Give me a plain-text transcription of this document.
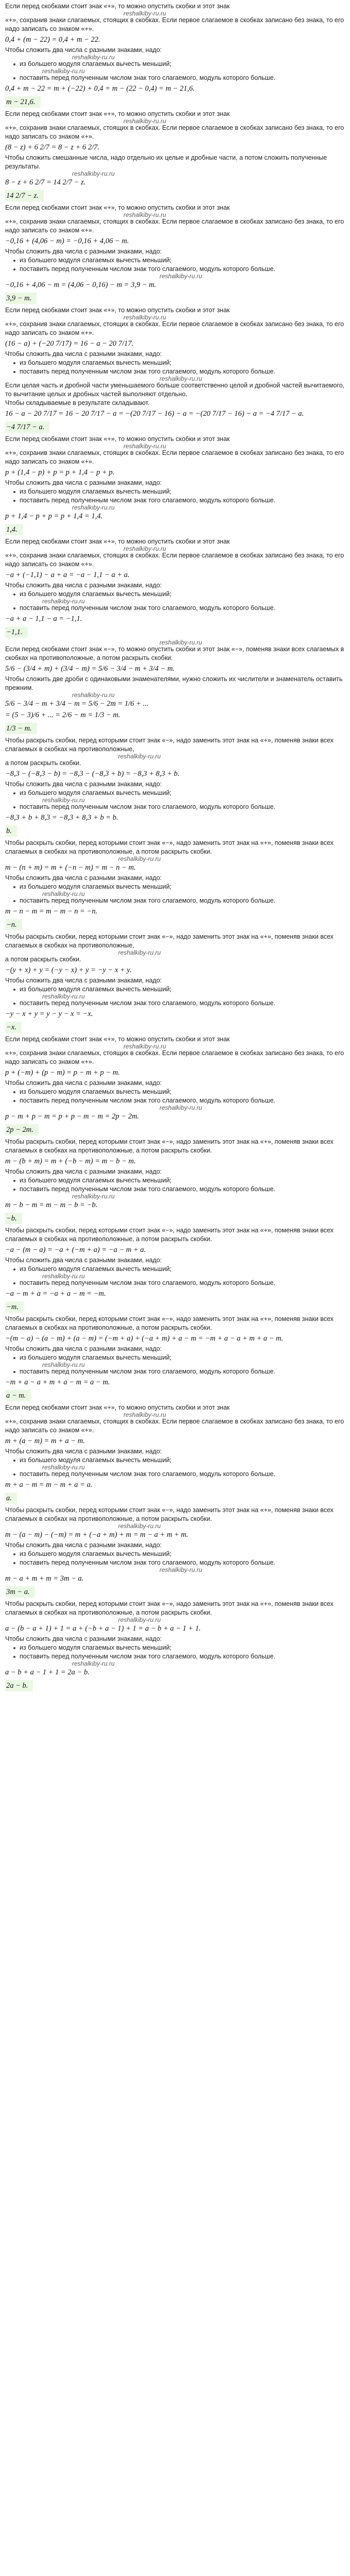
Если перед скобками стоит знак «+», то можно опустить скобки и этот знак

reshalkiby-ru.ru

«+», сохранив знаки слагаемых, стоящих в скобках. Если первое слагаемое в скобках записано без знака, то его надо записать со знаком «+».

0,4 + (m − 22) = 0,4 + m − 22.

Чтобы сложить два числа с разными знаками, надо:

reshalkiby-ru.ru
из большего модуля слагаемых вычесть меньший;
reshalkiby-ru.ru
поставить перед полученным числом знак того слагаемого, модуль которого больше.
0,4 + m − 22 = m + (−22) + 0,4 = m − (22 − 0,4) = m − 21,6.
m − 21,6.

Если перед скобками стоит знак «+», то можно опустить скобки и этот знак

reshalkiby-ru.ru

«+», сохранив знаки слагаемых, стоящих в скобках. Если первое слагаемое в скобках записано без знака, то его надо записать со знаком «+».

(8 − z) + 6 2/7 = 8 − z + 6 2/7.

Чтобы сложить смешанные числа, надо отдельно их целые и дробные части, а потом сложить полученные результаты.

reshalkiby-ru.ru
8 − z + 6 2/7 = 14 2/7 − z.
14 2/7 − z.

Если перед скобками стоит знак «+», то можно опустить скобки и этот знак

reshalkiby-ru.ru

«+», сохранив знаки слагаемых, стоящих в скобках. Если первое слагаемое в скобках записано без знака, то его надо записать со знаком «+».

−0,16 + (4,06 − m) = −0,16 + 4,06 − m.

Чтобы сложить два числа с разными знаками, надо:

из большего модуля слагаемых вычесть меньший;
поставить перед полученным числом знак того слагаемого, модуль которого больше.
reshalkiby-ru.ru
−0,16 + 4,06 − m = (4,06 − 0,16) − m = 3,9 − m.
3,9 − m.

Если перед скобками стоит знак «+», то можно опустить скобки и этот знак

reshalkiby-ru.ru

«+», сохранив знаки слагаемых, стоящих в скобках. Если первое слагаемое в скобках записано без знака, то его надо записать со знаком «+».

(16 − a) + (−20 7/17) = 16 − a − 20 7/17.

Чтобы сложить два числа с разными знаками, надо:

из большего модуля слагаемых вычесть меньший;
поставить перед полученным числом знак того слагаемого, модуль которого больше.
reshalkiby-ru.ru

Если целая часть и дробной части уменьшаемого больше соответственно целой и дробной частей вычитаемого, то вычитание целых и дробных частей выполняют отдельно.

Чтобы складываемые в результате складывают.

16 − a − 20 7/17 = 16 − 20 7/17 − a = −(20 7/17 − 16) − a = −(20 7/17 − 16) − a = −4 7/17 − a.
−4 7/17 − a.

Если перед скобками стоит знак «+», то можно опустить скобки и этот знак

reshalkiby-ru.ru

«+», сохранив знаки слагаемых, стоящих в скобках. Если первое слагаемое в скобках записано без знака, то его надо записать со знаком «+».

p + (1,4 − p) + p = p + 1,4 − p + p.

Чтобы сложить два числа с разными знаками, надо:

из большего модуля слагаемых вычесть меньший;
поставить перед полученным числом знак того слагаемого, модуль которого больше.
reshalkiby-ru.ru
p + 1,4 − p + p = p + 1,4 = 1,4.
1,4.

Если перед скобками стоит знак «+», то можно опустить скобки и этот знак

reshalkiby-ru.ru

«+», сохранив знаки слагаемых, стоящих в скобках. Если первое слагаемое в скобках записано без знака, то его надо записать со знаком «+».

−a + (−1,1) − a + a = −a − 1,1 − a + a.

Чтобы сложить два числа с разными знаками, надо:

из большего модуля слагаемых вычесть меньший;
reshalkiby-ru.ru
поставить перед полученным числом знак того слагаемого, модуль которого больше.
−a + a − 1,1 − a = −1,1.
−1,1.
reshalkiby-ru.ru

Если перед скобками стоит знак «−», то можно опустить скобки и этот знак «−», поменяв знаки всех слагаемых в скобках на противоположные, а потом раскрыть скобки.

5/6 − (3/4 + m) + (3/4 − m) = 5/6 − 3/4 − m + 3/4 − m.

Чтобы сложить две дроби с одинаковыми знаменателями, нужно сложить их числители и знаменатель оставить прежним.

reshalkiby-ru.ru
5/6 − 3/4 − m + 3/4 − m = 5/6 − 2m = 1/6 + ...
= (5 − 3)/6 + ... = 2/6 − m = 1/3 − m.
1/3 − m.

Чтобы раскрыть скобки, перед которыми стоит знак «−», надо заменить этот знак на «+», поменяв знаки всех слагаемых в скобках на противоположные,

reshalkiby-ru.ru

а потом раскрыть скобки.

−8,3 − (−8,3 − b) = −8,3 − (−8,3 + b) = −8,3 + 8,3 + b.

Чтобы сложить два числа с разными знаками, надо:

из большего модуля слагаемых вычесть меньший;
reshalkiby-ru.ru
поставить перед полученным числом знак того слагаемого, модуль которого больше.
−8,3 + b + 8,3 = −8,3 + 8,3 + b = b.
b.

Чтобы раскрыть скобки, перед которыми стоит знак «−», надо заменить этот знак на «+», поменяв знаки всех слагаемых в скобках на противоположные, а потом раскрыть скобки.

reshalkiby-ru.ru
m − (n + m) = m + (−n − m) = m − n − m.

Чтобы сложить два числа с разными знаками, надо:

из большего модуля слагаемых вычесть меньший;
reshalkiby-ru.ru
поставить перед полученным числом знак того слагаемого, модуль которого больше.
m − n − m = m − m − n = −n.
−n.

Чтобы раскрыть скобки, перед которыми стоит знак «−», надо заменить этот знак на «+», поменяв знаки всех слагаемых в скобках на противоположные,

reshalkiby-ru.ru

а потом раскрыть скобки.

−(y + x) + y = (−y − x) + y = −y − x + y.

Чтобы сложить два числа с разными знаками, надо:

из большего модуля слагаемых вычесть меньший;
reshalkiby-ru.ru
поставить перед полученным числом знак того слагаемого, модуль которого больше.
−y − x + y = y − y − x = −x.
−x.

Если перед скобками стоит знак «+», то можно опустить скобки и этот знак

reshalkiby-ru.ru

«+», сохранив знаки слагаемых, стоящих в скобках. Если первое слагаемое в скобках записано без знака, то его надо записать со знаком «+».

p + (−m) + (p − m) = p − m + p − m.

Чтобы сложить два числа с разными знаками, надо:

из большего модуля слагаемых вычесть меньший;
поставить перед полученным числом знак того слагаемого, модуль которого больше.
reshalkiby-ru.ru
p − m + p − m = p + p − m − m = 2p − 2m.
2p − 2m.

Чтобы раскрыть скобки, перед которыми стоит знак «−», надо заменить этот знак на «+», поменяв знаки всех слагаемых в скобках на противоположные, а потом раскрыть скобки.

m − (b + m) = m + (−b − m) = m − b − m.

Чтобы сложить два числа с разными знаками, надо:

из большего модуля слагаемых вычесть меньший;
поставить перед полученным числом знак того слагаемого, модуль которого больше.
reshalkiby-ru.ru
m − b − m = m − m − b = −b.
−b.

Чтобы раскрыть скобки, перед которыми стоит знак «−», надо заменить этот знак на «+», поменяв знаки всех слагаемых в скобках на противоположные, а потом раскрыть скобки.

−a − (m − a) = −a + (−m + a) = −a − m + a.

Чтобы сложить два числа с разными знаками, надо:

из большего модуля слагаемых вычесть меньший;
reshalkiby-ru.ru
поставить перед полученным числом знак того слагаемого, модуль которого больше.
−a − m + a = −a + a − m = −m.
−m.

Чтобы раскрыть скобки, перед которыми стоит знак «−», надо заменить этот знак на «+», поменяв знаки всех слагаемых в скобках на противоположные, а потом раскрыть скобки.

−(m − a) − (a − m) + (a − m) = (−m + a) + (−a + m) + a − m = −m + a − a + m + a − m.

Чтобы сложить два числа с разными знаками, надо:

из большего модуля слагаемых вычесть меньший;
reshalkiby-ru.ru
поставить перед полученным числом знак того слагаемого, модуль которого больше.
−m + a − a + m + a − m = a − m.
a − m.

Если перед скобками стоит знак «+», то можно опустить скобки и этот знак

reshalkiby-ru.ru

«+», сохранив знаки слагаемых, стоящих в скобках. Если первое слагаемое в скобках записано без знака, то его надо записать со знаком «+».

m + (a − m) = m + a − m.

Чтобы сложить два числа с разными знаками, надо:

из большего модуля слагаемых вычесть меньший;
reshalkiby-ru.ru
поставить перед полученным числом знак того слагаемого, модуль которого больше.
m + a − m = m − m + a = a.
a.

Чтобы раскрыть скобки, перед которыми стоит знак «−», надо заменить этот знак на «+», поменяв знаки всех слагаемых в скобках на противоположные, а потом раскрыть скобки.

reshalkiby-ru.ru
m − (a − m) − (−m) = m + (−a + m) + m = m − a + m + m.

Чтобы сложить два числа с разными знаками, надо:

из большего модуля слагаемых вычесть меньший;
поставить перед полученным числом знак того слагаемого, модуль которого больше.
reshalkiby-ru.ru
m − a + m + m = 3m − a.
3m − a.

Чтобы раскрыть скобки, перед которыми стоит знак «−», надо заменить этот знак на «+», поменяв знаки всех слагаемых в скобках на противоположные, а потом раскрыть скобки.

reshalkiby-ru.ru
a − (b − a + 1) + 1 = a + (−b + a − 1) + 1 = a − b + a − 1 + 1.

Чтобы сложить два числа с разными знаками, надо:

из большего модуля слагаемых вычесть меньший;
поставить перед полученным числом знак того слагаемого, модуль которого больше.
reshalkiby-ru.ru
a − b + a − 1 + 1 = 2a − b.
2a − b.
